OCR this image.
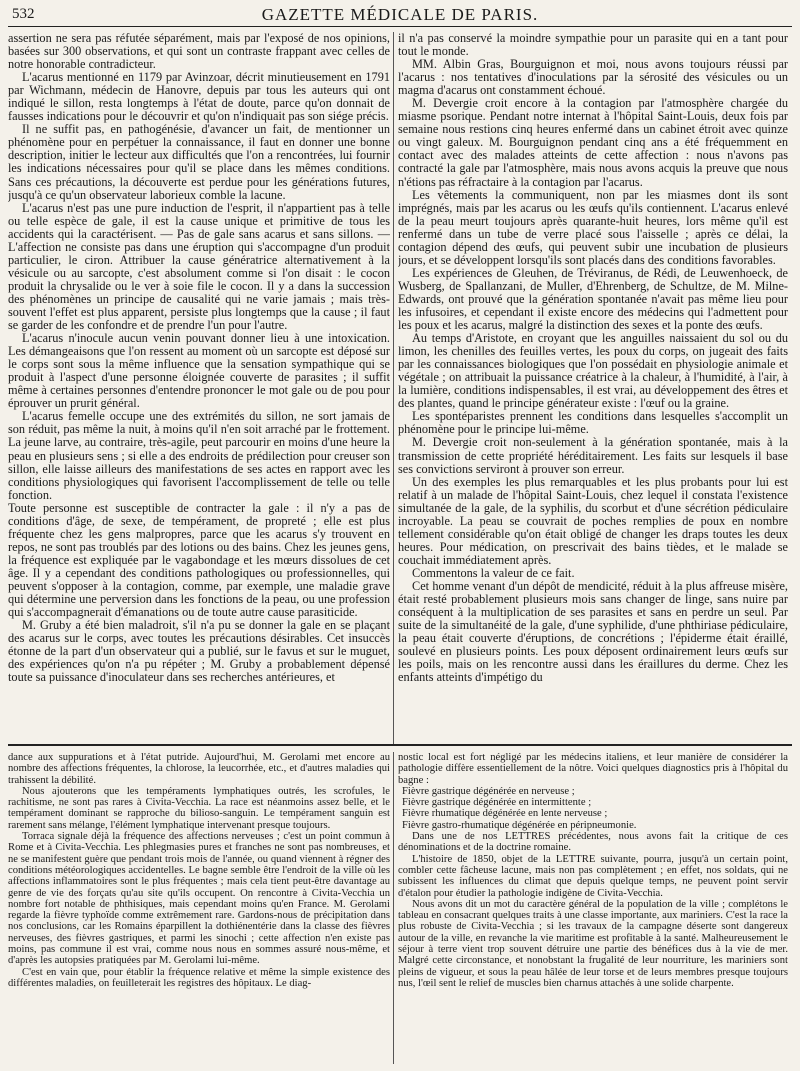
532	GAZETTE MÉDICALE DE PARIS.

assertion ne sera pas réfutée séparément, mais par l'exposé de nos opinions, basées sur 300 observations, et qui sont un contraste frappant avec celles de notre honorable contradicteur.

L'acarus mentionné en 1179 par Avinzoar, décrit minutieusement en 1791 par Wichmann, médecin de Hanovre, depuis par tous les auteurs qui ont indiqué le sillon, resta longtemps à l'état de doute, parce qu'on donnait de fausses indications pour le découvrir et qu'on n'indiquait pas son siége précis.

Il ne suffit pas, en pathogénésie, d'avancer un fait, de mentionner un phénomène pour en perpétuer la connaissance, il faut en donner une bonne description, initier le lecteur aux difficultés que l'on a rencontrées, lui fournir les indications nécessaires pour qu'il se place dans les mêmes conditions. Sans ces précautions, la découverte est perdue pour les générations futures, jusqu'à ce qu'un observateur laborieux comble la lacune.

L'acarus n'est pas une pure induction de l'esprit, il n'appartient pas à telle ou telle espèce de gale, il est la cause unique et primitive de tous les accidents qui la caractérisent. — Pas de gale sans acarus et sans sillons. — L'affection ne consiste pas dans une éruption qui s'accompagne d'un produit particulier, le ciron. Attribuer la cause génératrice alternativement à la vésicule ou au sarcopte, c'est absolument comme si l'on disait : le cocon produit la chrysalide ou le ver à soie file le cocon. Il y a dans la succession des phénomènes un principe de causalité qui ne varie jamais ; mais très-souvent l'effet est plus apparent, persiste plus longtemps que la cause ; il faut se garder de les confondre et de prendre l'un pour l'autre.

L'acarus n'inocule aucun venin pouvant donner lieu à une intoxication. Les démangeaisons que l'on ressent au moment où un sarcopte est déposé sur le corps sont sous la même influence que la sensation sympathique qui se produit à l'aspect d'une personne éloignée couverte de parasites ; il suffit même à certaines personnes d'entendre prononcer le mot gale ou de pou pour éprouver un prurit général.

L'acarus femelle occupe une des extrémités du sillon, ne sort jamais de son réduit, pas même la nuit, à moins qu'il n'en soit arraché par le frottement. La jeune larve, au contraire, très-agile, peut parcourir en moins d'une heure la peau en plusieurs sens ; si elle a des endroits de prédilection pour creuser son sillon, elle laisse ailleurs des manifestations de ses actes en rapport avec les conditions physiologiques qui favorisent l'accomplissement de telle ou telle fonction.

Toute personne est susceptible de contracter la gale : il n'y a pas de conditions d'âge, de sexe, de tempérament, de propreté ; elle est plus fréquente chez les gens malpropres, parce que les acarus s'y trouvent en repos, ne sont pas troublés par des lotions ou des bains. Chez les jeunes gens, la fréquence est expliquée par le vagabondage et les mœurs dissolues de cet âge. Il y a cependant des conditions pathologiques ou professionnelles, qui peuvent s'opposer à la contagion, comme, par exemple, une maladie grave qui détermine une perversion dans les fonctions de la peau, ou une profession qui s'accompagnerait d'émanations ou de toute autre cause parasiticide.

M. Gruby a été bien maladroit, s'il n'a pu se donner la gale en se plaçant des acarus sur le corps, avec toutes les précautions désirables. Cet insuccès étonne de la part d'un observateur qui a publié, sur le favus et sur le muguet, des expériences qu'on n'a pu répéter ; M. Gruby a probablement dépensé toute sa puissance d'inoculateur dans ses recherches antérieures, et

il n'a pas conservé la moindre sympathie pour un parasite qui en a tant pour tout le monde.

MM. Albin Gras, Bourguignon et moi, nous avons toujours réussi par l'acarus : nos tentatives d'inoculations par la sérosité des vésicules ou un magma d'acarus ont constamment échoué.

M. Devergie croit encore à la contagion par l'atmosphère chargée du miasme psorique. Pendant notre internat à l'hôpital Saint-Louis, deux fois par semaine nous restions cinq heures enfermé dans un cabinet étroit avec quinze ou vingt galeux. M. Bourguignon pendant cinq ans a été fréquemment en contact avec des malades atteints de cette affection : nous n'avons pas contracté la gale par l'atmosphère, mais nous avons acquis la preuve que nous n'étions pas réfractaire à la contagion par l'acarus.

Les vêtements la communiquent, non par les miasmes dont ils sont imprégnés, mais par les acarus ou les œufs qu'ils contiennent. L'acarus enlevé de la peau meurt toujours après quarante-huit heures, lors même qu'il est renfermé dans un tube de verre placé sous l'aisselle ; après ce délai, la contagion dépend des œufs, qui peuvent subir une incubation de plusieurs jours, et se développent lorsqu'ils sont placés dans des conditions favorables.

Les expériences de Gleuhen, de Tréviranus, de Rédi, de Leuwenhoeck, de Wusberg, de Spallanzani, de Muller, d'Ehrenberg, de Schultze, de M. Milne-Edwards, ont prouvé que la génération spontanée n'avait pas même lieu pour les infusoires, et cependant il existe encore des médecins qui l'admettent pour les poux et les acarus, malgré la distinction des sexes et la ponte des œufs.

Au temps d'Aristote, en croyant que les anguilles naissaient du sol ou du limon, les chenilles des feuilles vertes, les poux du corps, on jugeait des faits par les connaissances biologiques que l'on possédait en physiologie animale et végétale ; on attribuait la puissance créatrice à la chaleur, à l'humidité, à l'air, à la lumière, conditions indispensables, il est vrai, au développement des êtres et des plantes, quand le principe générateur existe : l'œuf ou la graine.

Les spontéparistes prennent les conditions dans lesquelles s'accomplit un phénomène pour le principe lui-même.

M. Devergie croit non-seulement à la génération spontanée, mais à la transmission de cette propriété héréditairement. Les faits sur lesquels il base ses convictions serviront à prouver son erreur.

Un des exemples les plus remarquables et les plus probants pour lui est relatif à un malade de l'hôpital Saint-Louis, chez lequel il constata l'existence simultanée de la gale, de la syphilis, du scorbut et d'une sécrétion pédiculaire incroyable. La peau se couvrait de poches remplies de poux en nombre tellement considérable qu'on était obligé de changer les draps toutes les deux heures. Pour médication, on prescrivait des bains tièdes, et le malade se couchait immédiatement après.

Commentons la valeur de ce fait.

Cet homme venant d'un dépôt de mendicité, réduit à la plus affreuse misère, était resté probablement plusieurs mois sans changer de linge, sans nuire par conséquent à la multiplication de ses parasites et sans en perdre un seul. Par suite de la simultanéité de la gale, d'une syphilide, d'une phthiriase pédiculaire, la peau était couverte d'éruptions, de concrétions ; l'épiderme était éraillé, soulevé en plusieurs points. Les poux déposent ordinairement leurs œufs sur les poils, mais on les rencontre aussi dans les éraillures du derme. Chez les enfants atteints d'impétigo du

dance aux suppurations et à l'état putride. Aujourd'hui, M. Gerolami met encore au nombre des affections fréquentes, la chlorose, la leucorrhée, etc., et d'autres maladies qui trahissent la débilité.

Nous ajouterons que les tempéraments lymphatiques outrés, les scrofules, le rachitisme, ne sont pas rares à Civita-Vecchia. La race est néanmoins assez belle, et le tempérament dominant se rapproche du bilioso-sanguin. Le tempérament sanguin est rarement sans mélange, l'élément lymphatique intervenant presque toujours.

Torraca signale déjà la fréquence des affections nerveuses ; c'est un point commun à Rome et à Civita-Vecchia. Les phlegmasies pures et franches ne sont pas nombreuses, et ne se manifestent guère que pendant trois mois de l'année, ou quand viennent à régner des conditions météorologiques accidentelles. Le bagne semble être l'endroit de la ville où les affections inflammatoires sont le plus fréquentes ; mais cela tient peut-être davantage au genre de vie des forçats qu'au site qu'ils occupent. On rencontre à Civita-Vecchia un nombre fort notable de phthisiques, mais cependant moins qu'en France. M. Gerolami regarde la fièvre typhoïde comme extrêmement rare. Gardons-nous de précipitation dans nos conclusions, car les Romains éparpillent la dothiénentérie dans la classe des fièvres nerveuses, des fièvres gastriques, et parmi les sinochi ; cette affection n'en existe pas moins, pas commune il est vrai, comme nous nous en sommes assuré nous-même, et d'après les autopsies pratiquées par M. Gerolami lui-même.

C'est en vain que, pour établir la fréquence relative et même la simple existence des différentes maladies, on feuilleterait les registres des hôpitaux. Le diag-

nostic local est fort négligé par les médecins italiens, et leur manière de considérer la pathologie diffère essentiellement de la nôtre. Voici quelques diagnostics pris à l'hôpital du bagne :

Fièvre gastrique dégénérée en nerveuse ;

Fièvre gastrique dégénérée en intermittente ;

Fièvre rhumatique dégénérée en lente nerveuse ;

Fièvre gastro-rhumatique dégénérée en péripneumonie.

Dans une de nos LETTRES précédentes, nous avons fait la critique de ces dénominations et de la doctrine romaine.

L'histoire de 1850, objet de la LETTRE suivante, pourra, jusqu'à un certain point, combler cette fâcheuse lacune, mais non pas complètement ; en effet, nos soldats, qui ne subissent les influences du climat que depuis quelque temps, ne peuvent point servir d'étalon pour étudier la pathologie indigène de Civita-Vecchia.

Nous avons dit un mot du caractère général de la population de la ville ; complétons le tableau en consacrant quelques traits à une classe importante, aux mariniers. C'est la race la plus robuste de Civita-Vecchia ; si les travaux de la campagne déserte sont dangereux autour de la ville, en revanche la vie maritime est profitable à la santé. Malheureusement le séjour à terre vient trop souvent détruire une partie des bénéfices dus à la vie de mer. Malgré cette circonstance, et nonobstant la frugalité de leur nourriture, les mariniers sont pleins de vigueur, et sous la peau hâlée de leur torse et de leurs membres presque toujours nus, l'œil sent le relief de muscles bien charnus attachés à une solide charpente.
